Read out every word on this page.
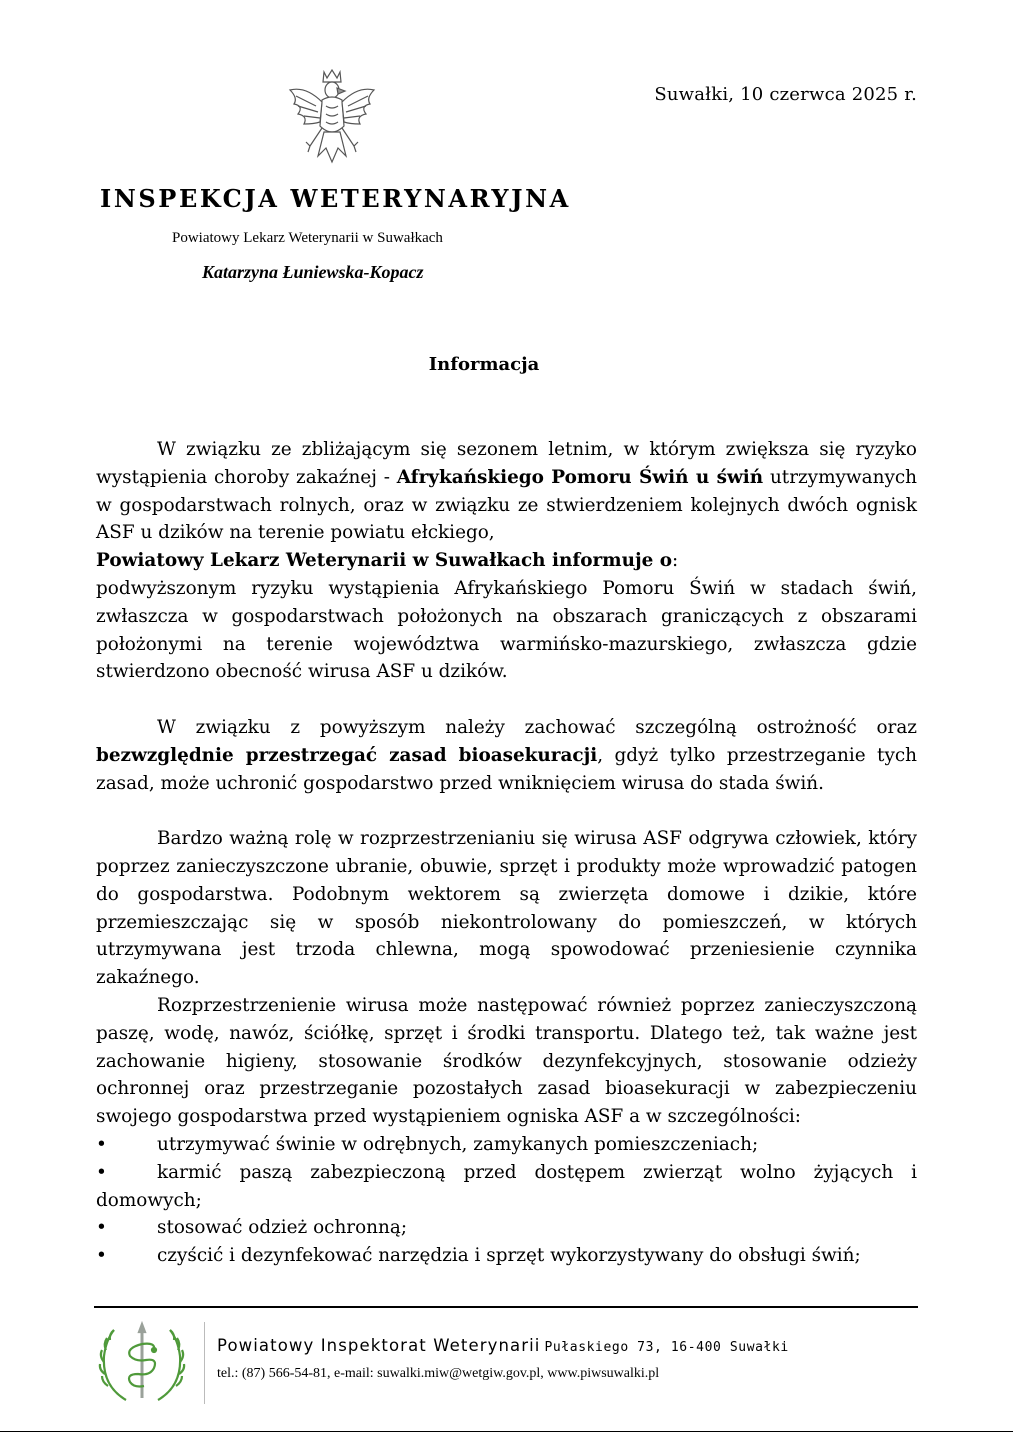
Suwałki, 10 czerwca 2025 r.
INSPEKCJA WETERYNARYJNA
Powiatowy Lekarz Weterynarii w Suwałkach
Katarzyna Łuniewska-Kopacz
Informacja

W związku ze zbliżającym się sezonem letnim, w którym zwiększa się ryzyko wystąpienia choroby zakaźnej - Afrykańskiego Pomoru Świń u świń utrzymywanych w gospodarstwach rolnych, oraz w związku ze stwierdzeniem kolejnych dwóch ognisk ASF u dzików na terenie powiatu ełckiego,

Powiatowy Lekarz Weterynarii w Suwałkach informuje o:

podwyższonym ryzyku wystąpienia Afrykańskiego Pomoru Świń w stadach świń, zwłaszcza w gospodarstwach położonych na obszarach graniczących z obszarami położonymi na terenie województwa warmińsko-mazurskiego, zwłaszcza gdzie stwierdzono obecność wirusa ASF u dzików.

W związku z powyższym należy zachować szczególną ostrożność oraz bezwzględnie przestrzegać zasad bioasekuracji, gdyż tylko przestrzeganie tych zasad, może uchronić gospodarstwo przed wniknięciem wirusa do stada świń.

Bardzo ważną rolę w rozprzestrzenianiu się wirusa ASF odgrywa człowiek, który poprzez zanieczyszczone ubranie, obuwie, sprzęt i produkty może wprowadzić patogen do gospodarstwa. Podobnym wektorem są zwierzęta domowe i dzikie, które przemieszczając się w sposób niekontrolowany do pomieszczeń, w których utrzymywana jest trzoda chlewna, mogą spowodować przeniesienie czynnika zakaźnego.

Rozprzestrzenienie wirusa może następować również poprzez zanieczyszczoną paszę, wodę, nawóz, ściółkę, sprzęt i środki transportu. Dlatego też, tak ważne jest zachowanie higieny, stosowanie środków dezynfekcyjnych, stosowanie odzieży ochronnej oraz przestrzeganie pozostałych zasad bioasekuracji w zabezpieczeniu swojego gospodarstwa przed wystąpieniem ogniska ASF a w szczególności:

•	utrzymywać świnie w odrębnych, zamykanych pomieszczeniach;

•	karmić paszą zabezpieczoną przed dostępem zwierząt wolno żyjących i domowych;

•	stosować odzież ochronną;
•	czyścić i dezynfekować narzędzia i sprzęt wykorzystywany do obsługi świń;
Powiatowy Inspektorat Weterynarii Pułaskiego 73, 16-400 Suwałki
tel.: (87) 566-54-81, e-mail: suwalki.miw@wetgiw.gov.pl, www.piwsuwalki.pl
